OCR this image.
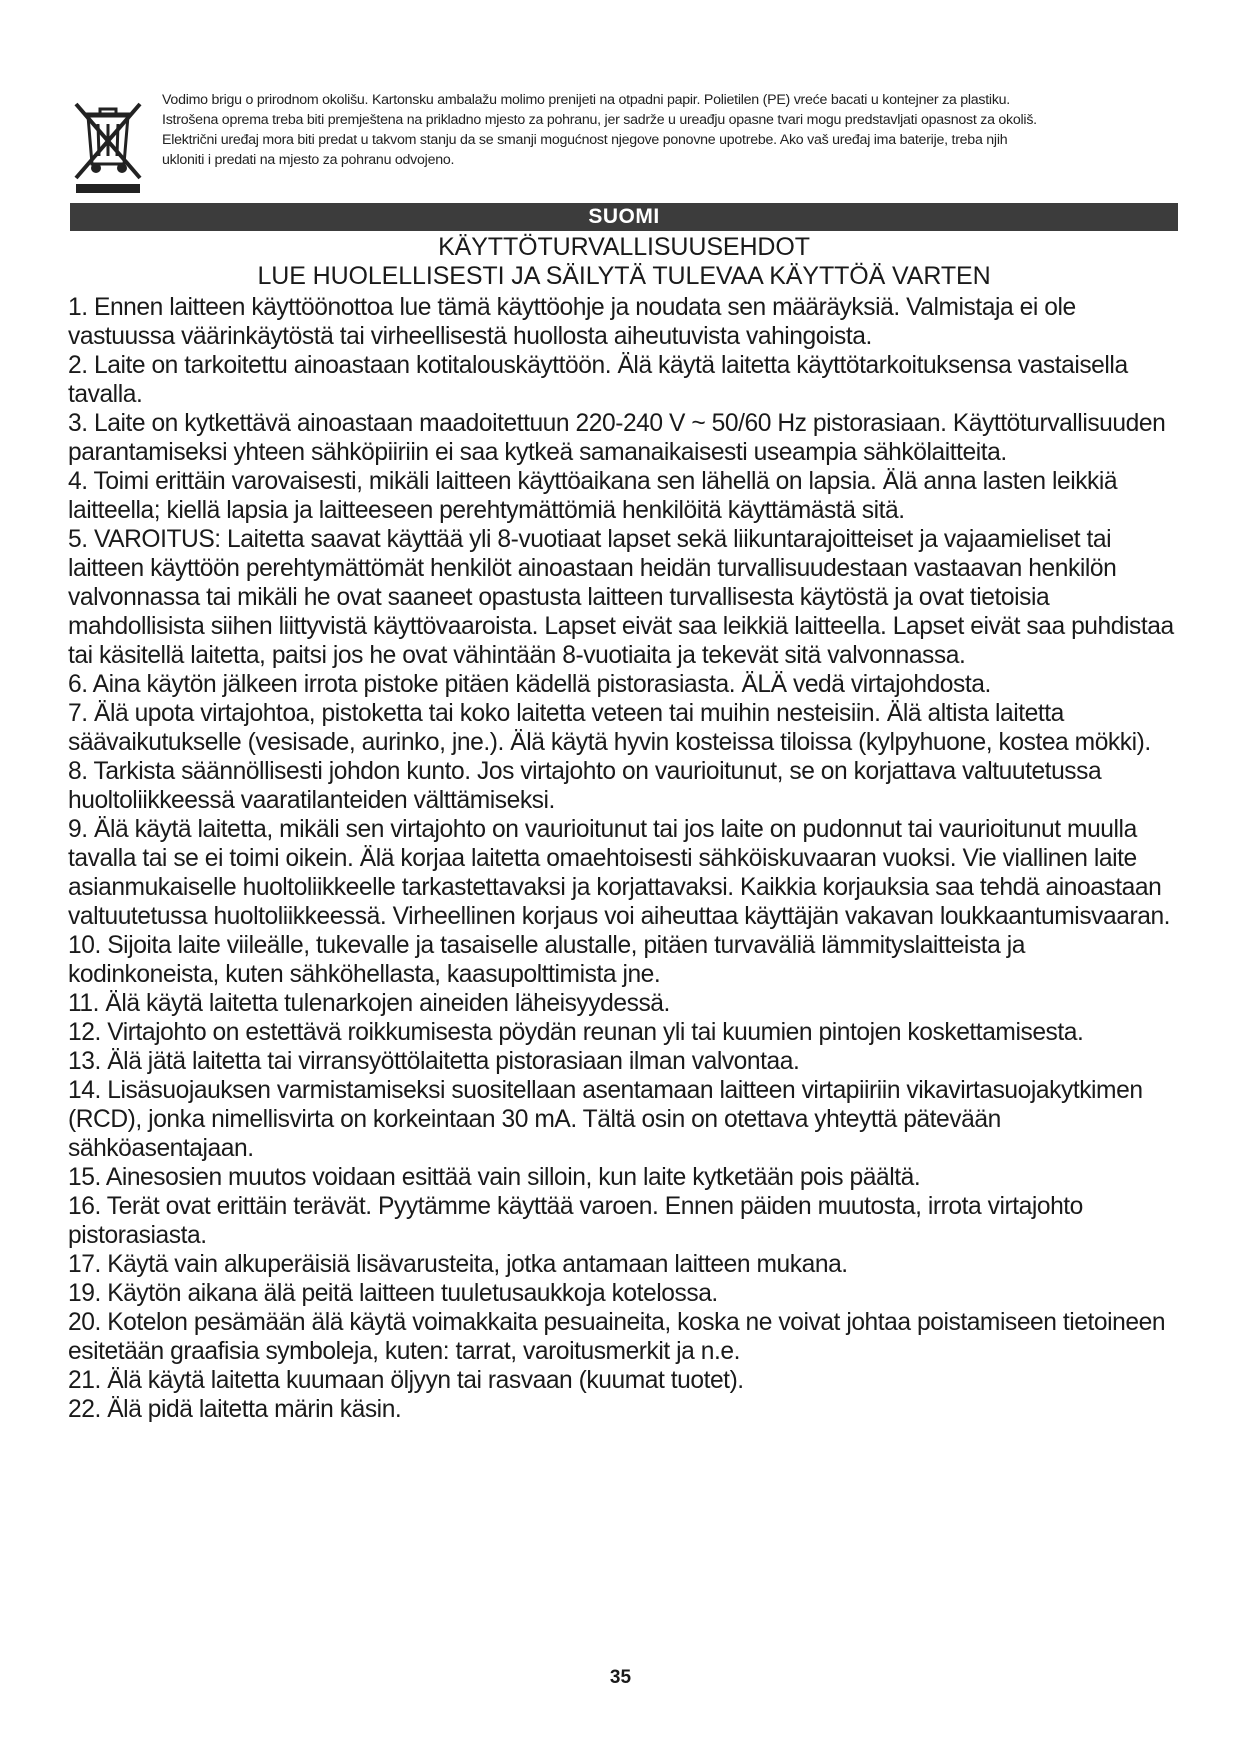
Vodimo brigu o prirodnom okolišu. Kartonsku ambalažu molimo prenijeti na otpadni papir. Polietilen (PE) vreće bacati u kontejner za plastiku.

Istrošena oprema treba biti premještena na prikladno mjesto za pohranu, jer sadrže u ureađju opasne tvari mogu predstavljati opasnost za okoliš.

Električni uređaj mora biti predat u takvom stanju da se smanji mogućnost njegove ponovne upotrebe. Ako vaš uređaj ima baterije, treba njih

ukloniti i predati na mjesto za pohranu odvojeno.

SUOMI
KÄYTTÖTURVALLISUUSEHDOT
LUE HUOLELLISESTI JA SÄILYTÄ TULEVAA KÄYTTÖÄ VARTEN
1. Ennen laitteen käyttöönottoa lue tämä käyttöohje ja noudata sen määräyksiä. Valmistaja ei ole vastuussa väärinkäytöstä tai virheellisestä huollosta aiheutuvista vahingoista.
2. Laite on tarkoitettu ainoastaan kotitalouskäyttöön. Älä käytä laitetta käyttötarkoituksensa vastaisella tavalla.
3. Laite on kytkettävä ainoastaan maadoitettuun 220-240 V ~ 50/60 Hz pistorasiaan. Käyttöturvallisuuden parantamiseksi yhteen sähköpiiriin ei saa kytkeä samanaikaisesti useampia sähkölaitteita.
4. Toimi erittäin varovaisesti, mikäli laitteen käyttöaikana sen lähellä on lapsia. Älä anna lasten leikkiä laitteella; kiellä lapsia ja laitteeseen perehtymättömiä henkilöitä käyttämästä sitä.
5. VAROITUS: Laitetta saavat käyttää yli 8-vuotiaat lapset sekä liikuntarajoitteiset ja vajaamieliset tai laitteen käyttöön perehtymättömät henkilöt ainoastaan heidän turvallisuudestaan vastaavan henkilön valvonnassa tai mikäli he ovat saaneet opastusta laitteen turvallisesta käytöstä ja ovat tietoisia mahdollisista siihen liittyvistä käyttövaaroista. Lapset eivät saa leikkiä laitteella. Lapset eivät saa puhdistaa tai käsitellä laitetta, paitsi jos he ovat vähintään 8-vuotiaita ja tekevät sitä valvonnassa.
6. Aina käytön jälkeen irrota pistoke pitäen kädellä pistorasiasta. ÄLÄ vedä virtajohdosta.
7. Älä upota virtajohtoa, pistoketta tai koko laitetta veteen tai muihin nesteisiin. Älä altista laitetta säävaikutukselle (vesisade, aurinko, jne.). Älä käytä hyvin kosteissa tiloissa (kylpyhuone, kostea mökki).
8. Tarkista säännöllisesti johdon kunto. Jos virtajohto on vaurioitunut, se on korjattava valtuutetussa huoltoliikkeessä vaaratilanteiden välttämiseksi.
9. Älä käytä laitetta, mikäli sen virtajohto on vaurioitunut tai jos laite on pudonnut tai vaurioitunut muulla tavalla tai se ei toimi oikein. Älä korjaa laitetta omaehtoisesti sähköiskuvaaran vuoksi. Vie viallinen laite asianmukaiselle huoltoliikkeelle tarkastettavaksi ja korjattavaksi. Kaikkia korjauksia saa tehdä ainoastaan valtuutetussa huoltoliikkeessä. Virheellinen korjaus voi aiheuttaa käyttäjän vakavan loukkaantumisvaaran.
10. Sijoita laite viileälle, tukevalle ja tasaiselle alustalle, pitäen turvaväliä lämmityslaitteista ja kodinkoneista, kuten sähköhellasta, kaasupolttimista jne.
11. Älä käytä laitetta tulenarkojen aineiden läheisyydessä.
12. Virtajohto on estettävä roikkumisesta pöydän reunan yli tai kuumien pintojen koskettamisesta.
13. Älä jätä laitetta tai virransyöttölaitetta pistorasiaan ilman valvontaa.
14. Lisäsuojauksen varmistamiseksi suositellaan asentamaan laitteen virtapiiriin vikavirtasuojakytkimen (RCD), jonka nimellisvirta on korkeintaan 30 mA. Tältä osin on otettava yhteyttä pätevään sähköasentajaan.
15. Ainesosien muutos voidaan esittää vain silloin, kun laite kytketään pois päältä.
16. Terät ovat erittäin terävät. Pyytämme käyttää varoen. Ennen päiden muutosta, irrota virtajohto pistorasiasta.
17. Käytä vain alkuperäisiä lisävarusteita, jotka antamaan laitteen mukana.
19. Käytön aikana älä peitä laitteen tuuletusaukkoja kotelossa.
20. Kotelon pesämään älä käytä voimakkaita pesuaineita, koska ne voivat johtaa poistamiseen tietoineen esitetään graafisia symboleja, kuten: tarrat, varoitusmerkit ja n.e.
21. Älä käytä laitetta kuumaan öljyyn tai rasvaan (kuumat tuotet).
22. Älä pidä laitetta märin käsin.
35
